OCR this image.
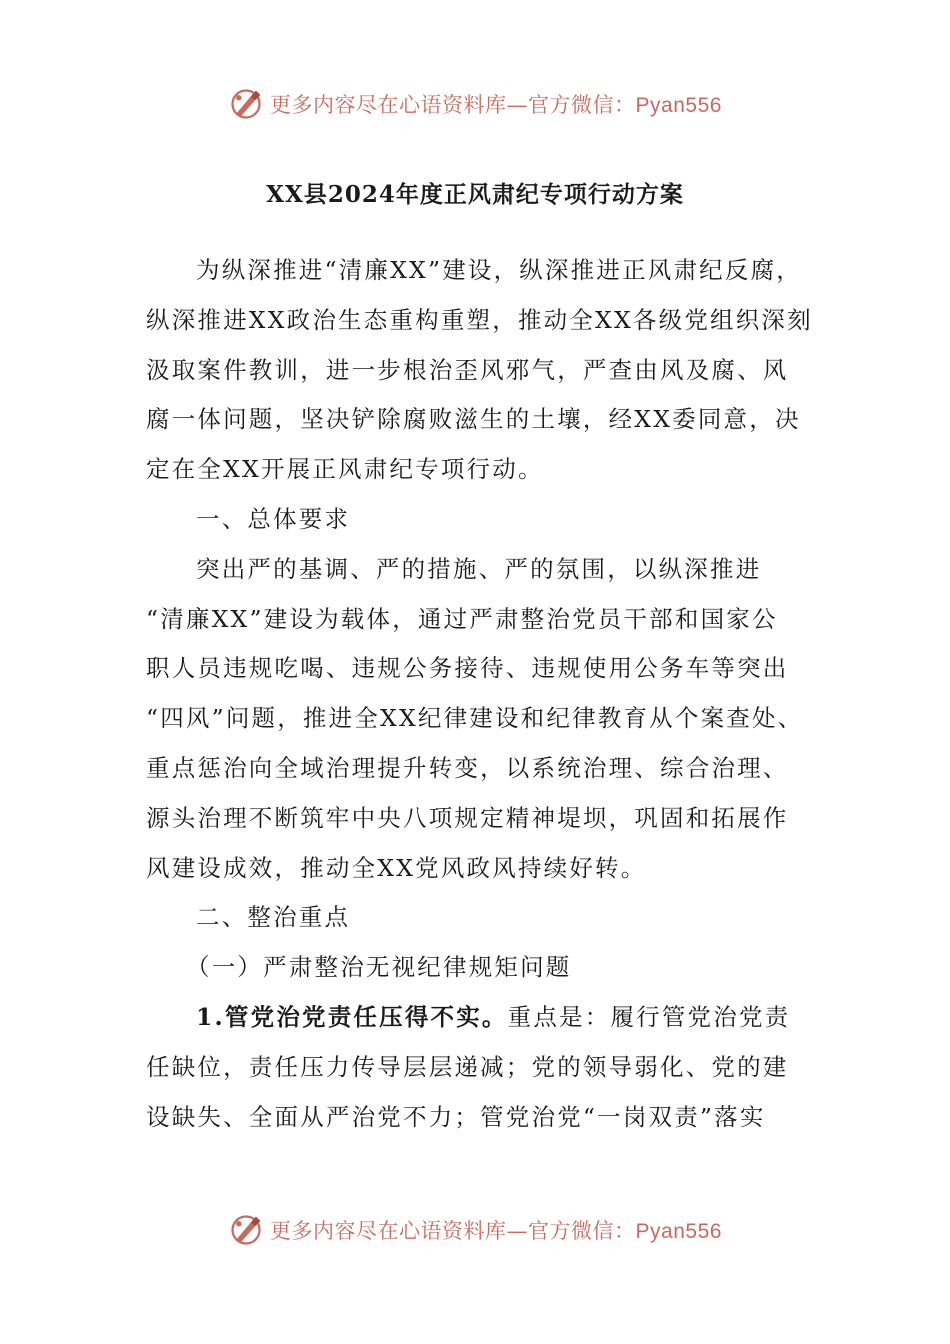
更多内容尽在心语资料库—官方微信：Pyan556
XX县2024年度正风肃纪专项行动方案
为纵深推进“清廉XX”建设，纵深推进正风肃纪反腐，
纵深推进XX政治生态重构重塑，推动全XX各级党组织深刻
汲取案件教训，进一步根治歪风邪气，严查由风及腐、风
腐一体问题，坚决铲除腐败滋生的土壤，经XX委同意，决
定在全XX开展正风肃纪专项行动。
一、总体要求
突出严的基调、严的措施、严的氛围，以纵深推进
“清廉XX”建设为载体，通过严肃整治党员干部和国家公
职人员违规吃喝、违规公务接待、违规使用公务车等突出
“四风”问题，推进全XX纪律建设和纪律教育从个案查处、
重点惩治向全域治理提升转变，以系统治理、综合治理、
源头治理不断筑牢中央八项规定精神堤坝，巩固和拓展作
风建设成效，推动全XX党风政风持续好转。
二、整治重点
（一）严肃整治无视纪律规矩问题
1.管党治党责任压得不实。重点是：履行管党治党责
任缺位，责任压力传导层层递减；党的领导弱化、党的建
设缺失、全面从严治党不力；管党治党“一岗双责”落实
更多内容尽在心语资料库—官方微信：Pyan556
